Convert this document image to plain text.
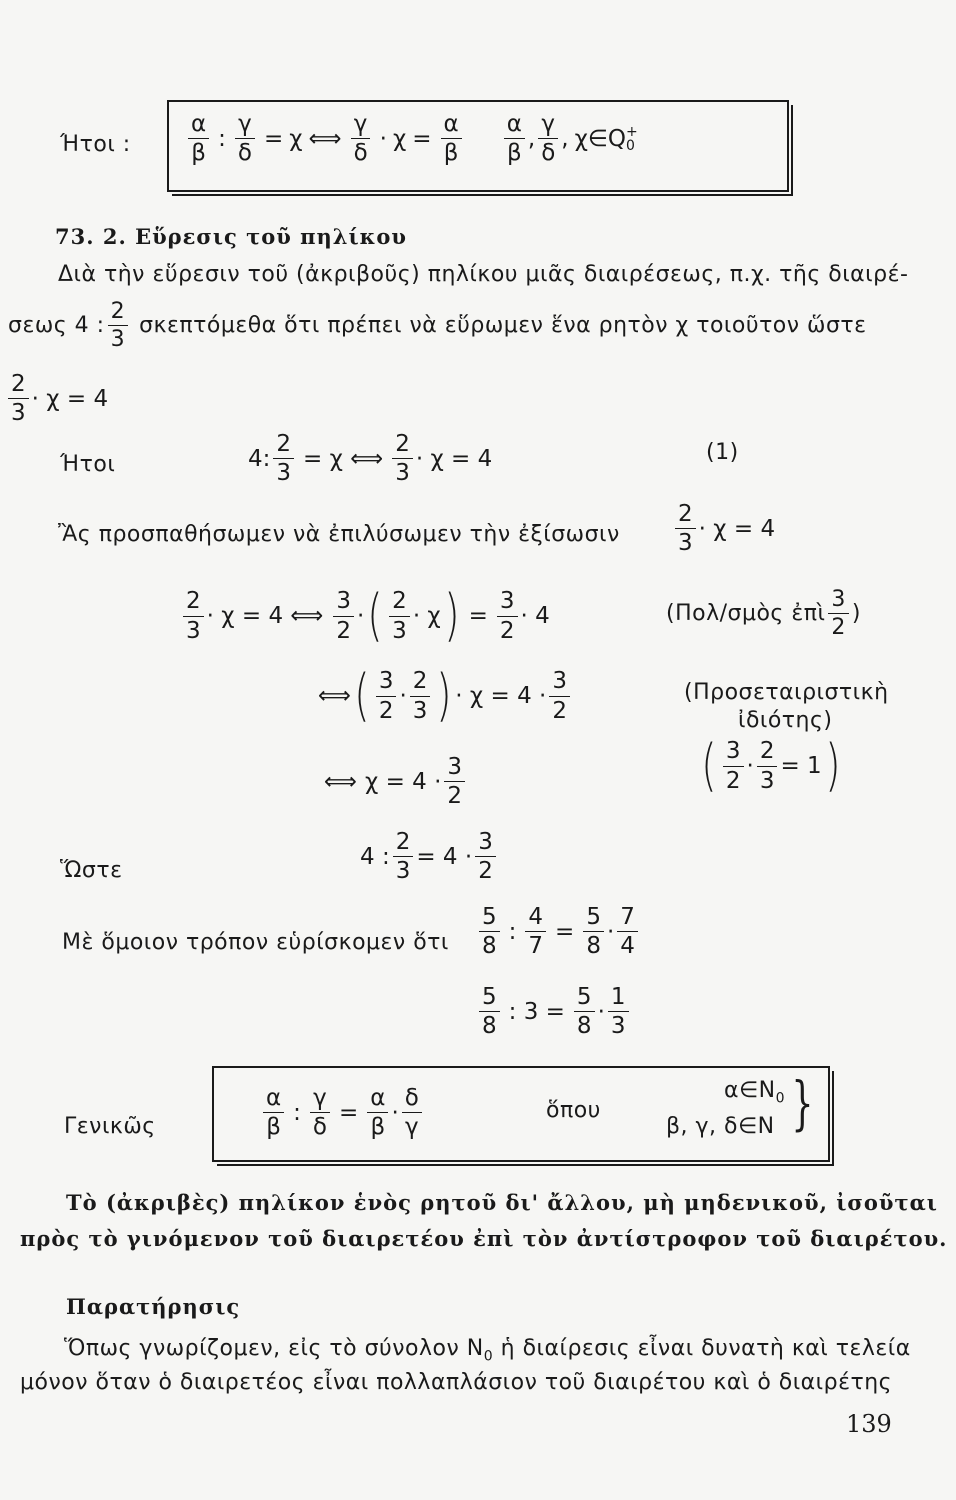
Ήτοι : $\frac{\alpha}{\beta}$ : $\frac{\gamma}{\delta} = \chi$ ⟺ $\frac{\gamma}{\delta} \cdot \chi = \frac{\alpha}{\beta} \frac{\alpha}{\beta}$ , $\frac{\gamma}{\delta}$ , χ∈Q +
0
73. 2. Εὕρεσις τοῦ πηλίκου
Διὰ τὴν εὕρεσιν τοῦ (ἀκριβοῦς) πηλίκου μιᾶς διαιρέσεως, π.χ. τῆς διαιρέ-
σεως 4 : $\frac{2}{3}$ σκεπτόμεθα ὅτι πρέπει νὰ εὕρωμεν ἕνα ρητὸν χ τοιοῦτον ὥστε
$\frac{2}{3} \cdot \chi = 4$
Ήτοι	4: $\frac{2}{3} = \chi$ ⟺ $\frac{2}{3} \cdot \chi = 4$	(1)
Ἂς προσπαθήσωμεν νὰ ἐπιλύσωμεν τὴν ἐξίσωσιν $\frac{2}{3} \cdot \chi = 4$
$\frac{2}{3} \cdot \chi = 4$ ⟺ $\frac{3}{2}$ · ( $\frac{2}{3} \cdot \chi$ ) = $\frac{3}{2} \cdot 4$	(Πολ/σμὸς ἐπὶ $\frac{3}{2}$ )
⟺ ( $\frac{3}{2} \cdot \frac{2}{3}$ ) · $\chi = 4 \cdot \frac{3}{2}$	(Προσεταιριστικὴ
ἰδιότης)
⟺ $\chi = 4 \cdot \frac{3}{2}$	( $\frac{3}{2} \cdot \frac{2}{3} = 1$ )
Ὥστε
4 : $\frac{2}{3} = 4 \cdot \frac{3}{2}$
Μὲ ὅμοιον τρόπον εὑρίσκομεν ὅτι $\frac{5}{8}$ : $\frac{4}{7} = \frac{5}{8} \cdot \frac{7}{4}$
$\frac{5}{8}$ : $3 = \frac{5}{8} \cdot \frac{1}{3}$
Γενικῶς	$\frac{\alpha}{\beta}$ : $\frac{\gamma}{\delta} = \frac{\alpha}{\beta} \cdot \frac{\delta}{\gamma}$	ὅπου
$\alpha\in N_0$
β, γ, δ∈N }
Τὸ (ἀκριβὲς) πηλίκον ἑνὸς ρητοῦ δι' ἄλλου, μὴ μηδενικοῦ, ἰσοῦται
πρὸς τὸ γινόμενον τοῦ διαιρετέου ἐπὶ τὸν ἀντίστροφον τοῦ διαιρέτου.
Παρατήρησις
Ὅπως γνωρίζομεν, εἰς τὸ σύνολον $N_0$ ἡ διαίρεσις εἶναι δυνατὴ καὶ τελεία
μόνον ὅταν ὁ διαιρετέος εἶναι πολλαπλάσιον τοῦ διαιρέτου καὶ ὁ διαιρέτης
139
